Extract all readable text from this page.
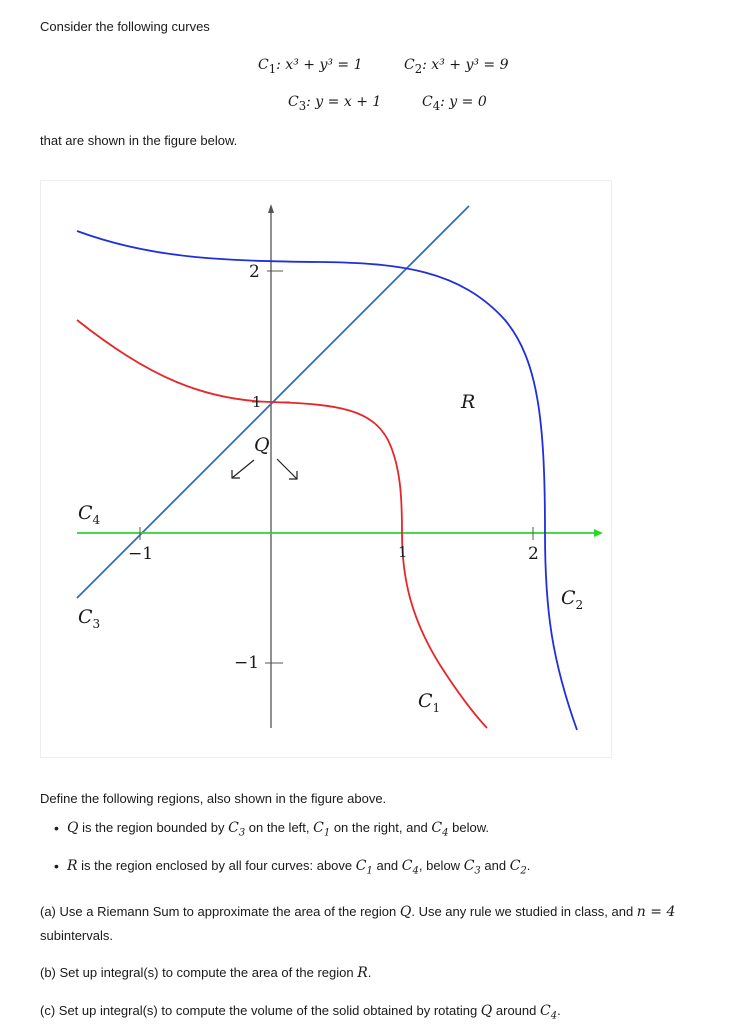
Consider the following curves
$C_1$: x³ + y³ = 1	$C_2$: x³ + y³ = 9
$C_3$: y = x + 1	$C_4$: y = 0
that are shown in the figure below.
2
1
−1
−1	1	2
$C_4$
$C_3$
$C_2$
$C_1$
Q
R
Define the following regions, also shown in the figure above.
• Q is the region bounded by $C_3$ on the left, $C_1$ on the right, and $C_4$ below.
• R is the region enclosed by all four curves: above $C_1$ and $C_4$, below $C_3$ and $C_2$.
(a) Use a Riemann Sum to approximate the area of the region Q. Use any rule we studied in class, and n = 4 subintervals.
(b) Set up integral(s) to compute the area of the region R.
(c) Set up integral(s) to compute the volume of the solid obtained by rotating Q around $C_4$.
